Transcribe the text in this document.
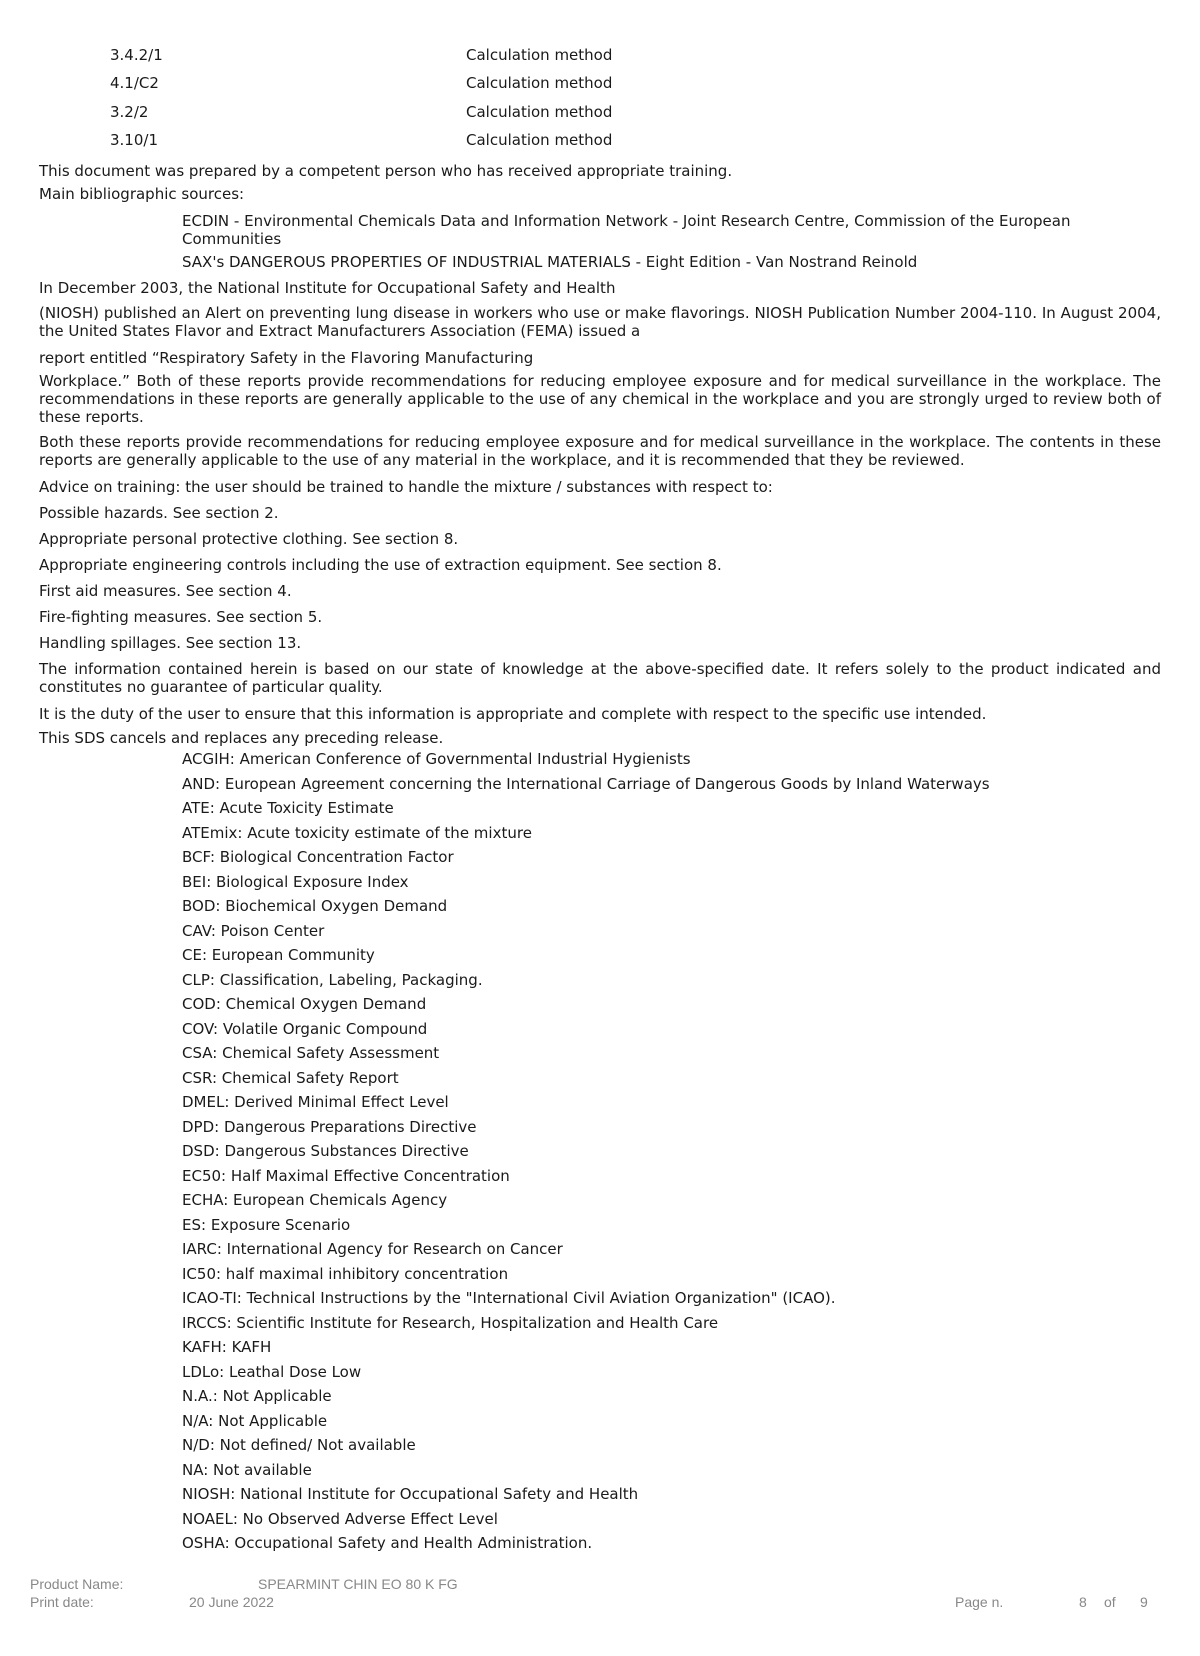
3.4.2/1	Calculation method
4.1/C2	Calculation method
3.2/2	Calculation method
3.10/1	Calculation method

This document was prepared by a competent person who has received appropriate training.

Main bibliographic sources:

ECDIN - Environmental Chemicals Data and Information Network - Joint Research Centre, Commission of the European Communities

SAX's DANGEROUS PROPERTIES OF INDUSTRIAL MATERIALS - Eight Edition - Van Nostrand Reinold

In December 2003, the National Institute for Occupational Safety and Health

(NIOSH) published an Alert on preventing lung disease in workers who use or make flavorings. NIOSH Publication Number 2004-110. In August 2004, the United States Flavor and Extract Manufacturers Association (FEMA) issued a

report entitled “Respiratory Safety in the Flavoring Manufacturing

Workplace.” Both of these reports provide recommendations for reducing employee exposure and for medical surveillance in the workplace. The recommendations in these reports are generally applicable to the use of any chemical in the workplace and you are strongly urged to review both of these reports.

Both these reports provide recommendations for reducing employee exposure and for medical surveillance in the workplace. The contents in these reports are generally applicable to the use of any material in the workplace, and it is recommended that they be reviewed.

Advice on training: the user should be trained to handle the mixture / substances with respect to:

Possible hazards. See section 2.

Appropriate personal protective clothing. See section 8.

Appropriate engineering controls including the use of extraction equipment. See section 8.

First aid measures. See section 4.

Fire-fighting measures. See section 5.

Handling spillages. See section 13.

The information contained herein is based on our state of knowledge at the above-specified date. It refers solely to the product indicated and constitutes no guarantee of particular quality.

It is the duty of the user to ensure that this information is appropriate and complete with respect to the specific use intended.

This SDS cancels and replaces any preceding release.

ACGIH: American Conference of Governmental Industrial Hygienists
AND: European Agreement concerning the International Carriage of Dangerous Goods by Inland Waterways
ATE: Acute Toxicity Estimate
ATEmix: Acute toxicity estimate of the mixture
BCF: Biological Concentration Factor
BEI: Biological Exposure Index
BOD: Biochemical Oxygen Demand
CAV: Poison Center
CE: European Community
CLP: Classification, Labeling, Packaging.
COD: Chemical Oxygen Demand
COV: Volatile Organic Compound
CSA: Chemical Safety Assessment
CSR: Chemical Safety Report
DMEL: Derived Minimal Effect Level
DPD: Dangerous Preparations Directive
DSD: Dangerous Substances Directive
EC50: Half Maximal Effective Concentration
ECHA: European Chemicals Agency
ES: Exposure Scenario
IARC: International Agency for Research on Cancer
IC50: half maximal inhibitory concentration
ICAO-TI: Technical Instructions by the "International Civil Aviation Organization" (ICAO).
IRCCS: Scientific Institute for Research, Hospitalization and Health Care
KAFH: KAFH
LDLo: Leathal Dose Low
N.A.: Not Applicable
N/A: Not Applicable
N/D: Not defined/ Not available
NA: Not available
NIOSH: National Institute for Occupational Safety and Health
NOAEL: No Observed Adverse Effect Level
OSHA: Occupational Safety and Health Administration.
Product Name:	SPEARMINT CHIN EO 80 K FG
Print date:	20 June 2022	Page n.	8 of 9
